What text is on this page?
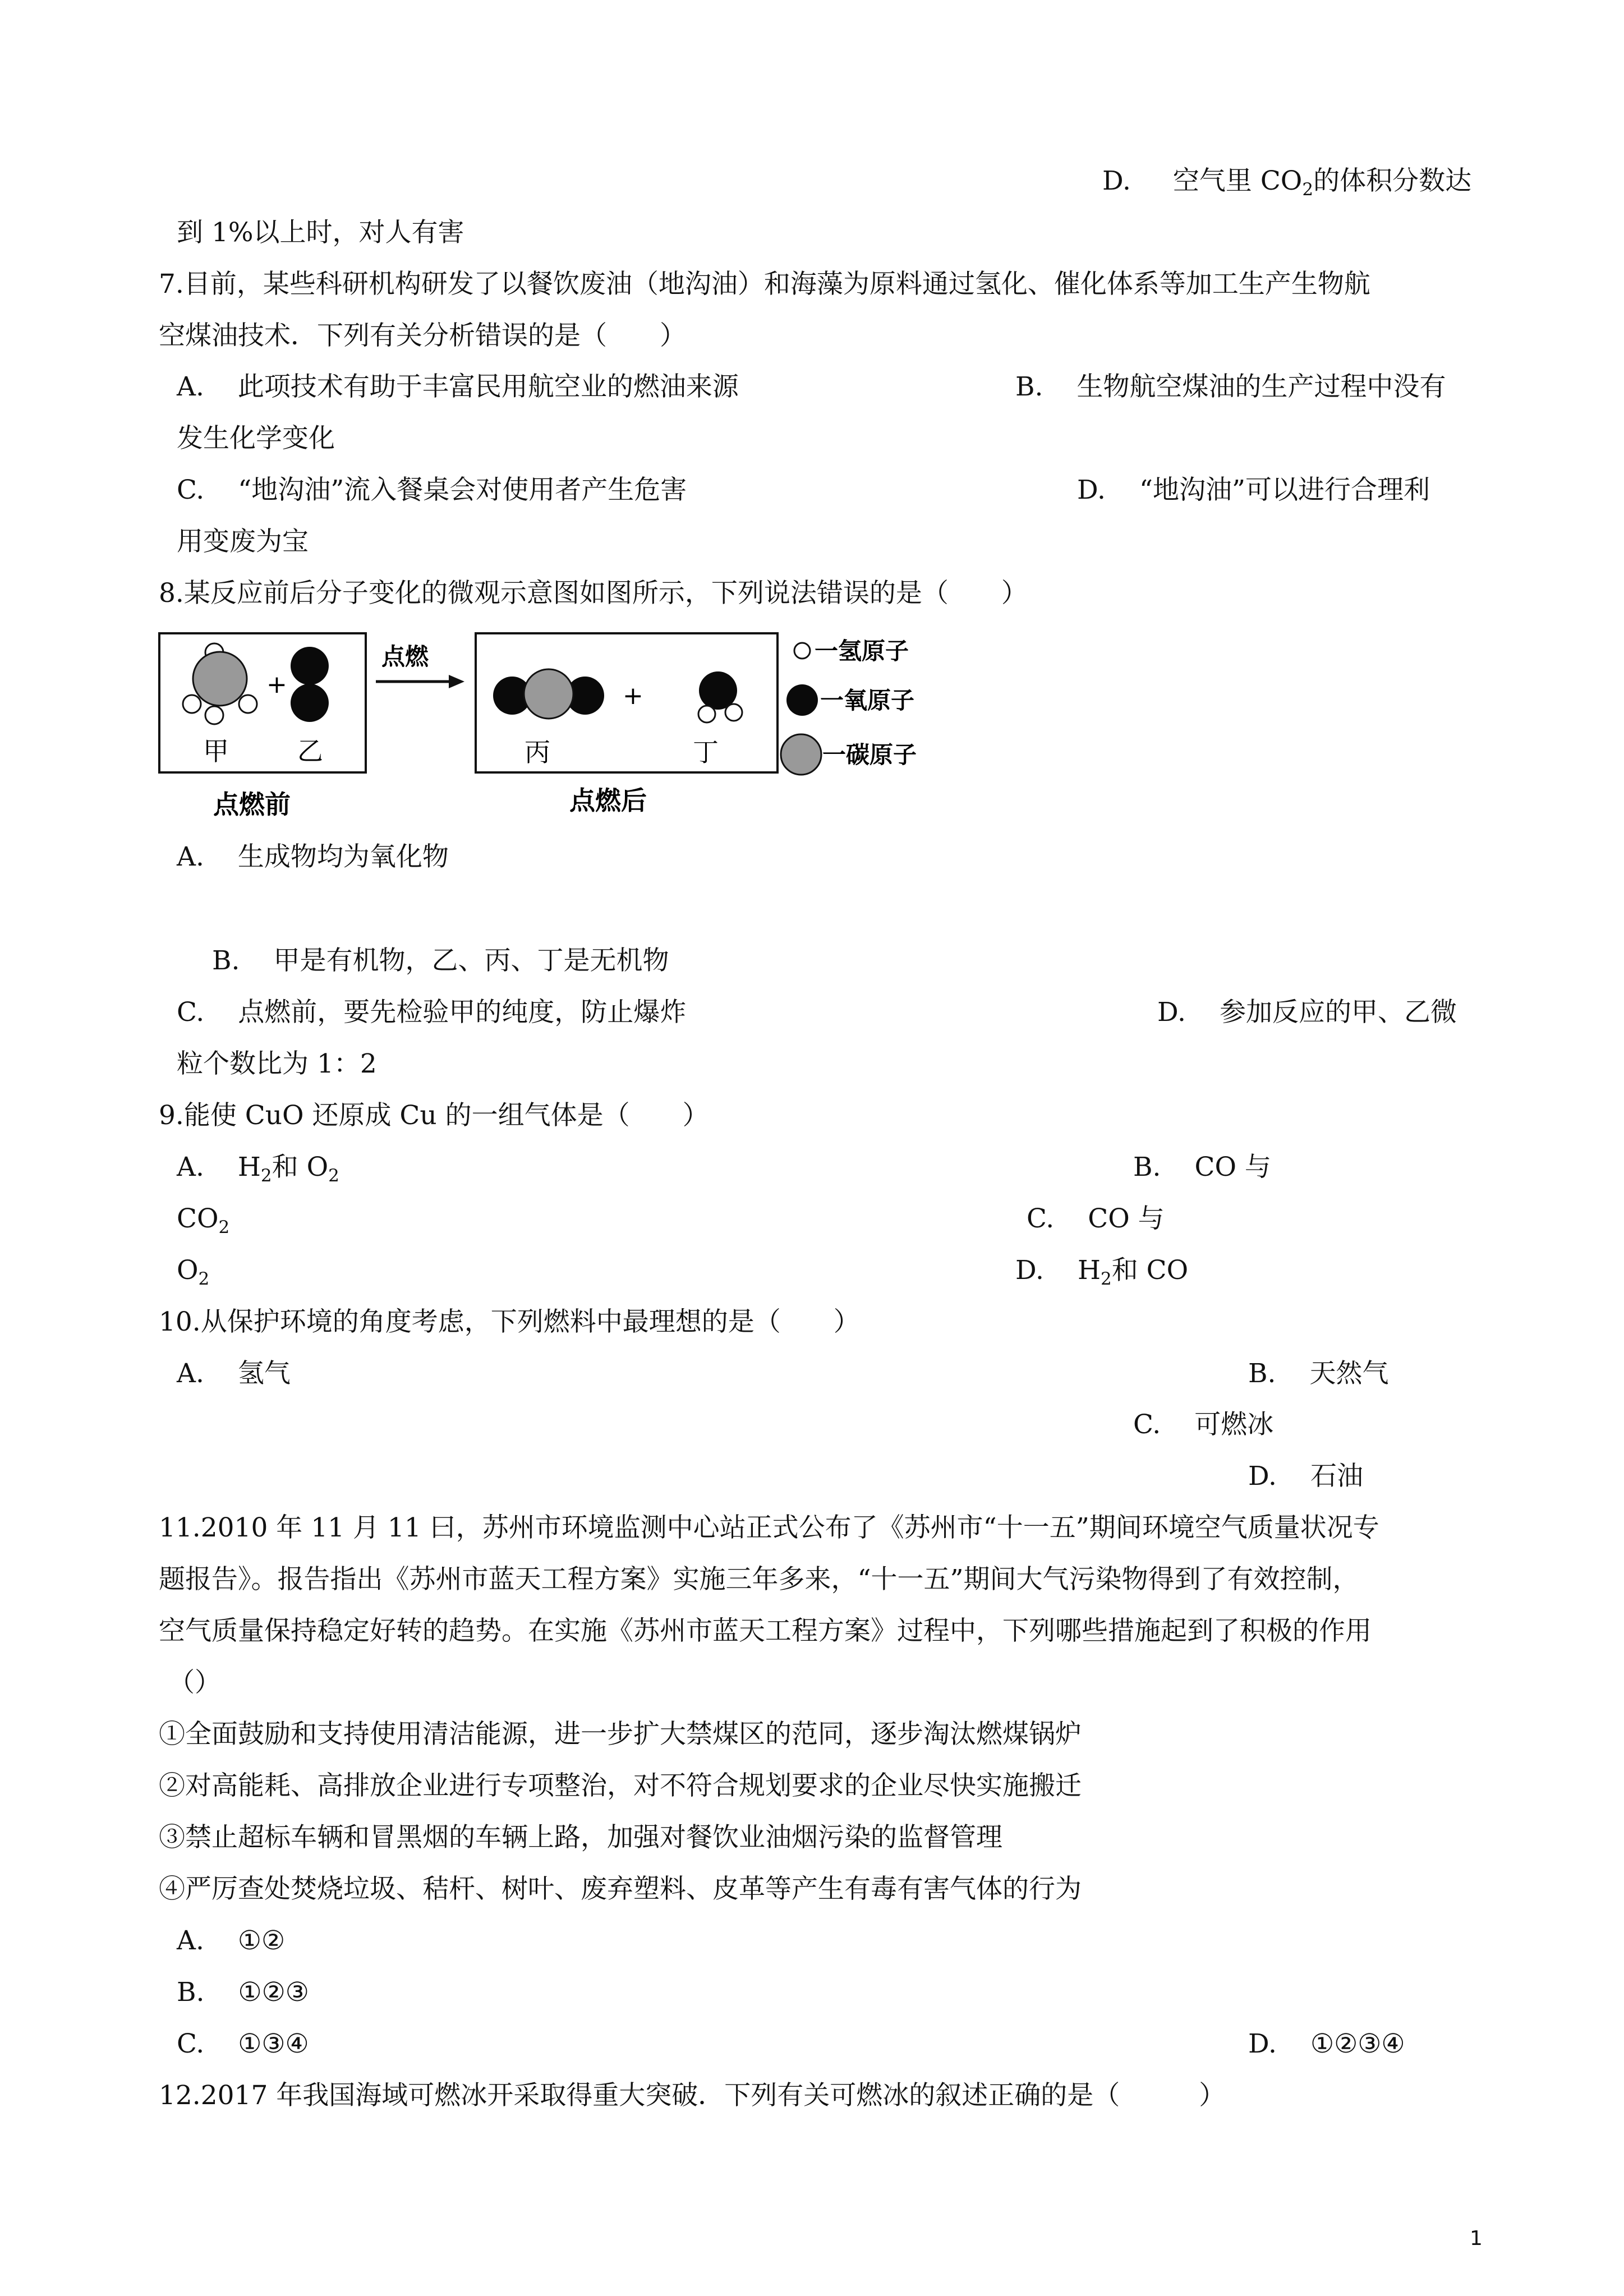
D. 空气里 $CO_2$的体积分数达
到 1%以上时，对人有害
7.目前，某些科研机构研发了以餐饮废油（地沟油）和海藻为原料通过氢化、催化体系等加工生产生物航
空煤油技术．下列有关分析错误的是（　　）
A. 此项技术有助于丰富民用航空业的燃油来源	B. 生物航空煤油的生产过程中没有
发生化学变化
C. “地沟油”流入餐桌会对使用者产生危害	D. “地沟油”可以进行合理利
用变废为宝
8.某反应前后分子变化的微观示意图如图所示，下列说法错误的是（　　）
+
甲	乙
点燃前
点燃
+
丙	丁
点燃后
一氢原子
一氧原子
一碳原子
A. 生成物均为氧化物
B. 甲是有机物，乙、丙、丁是无机物
C. 点燃前，要先检验甲的纯度，防止爆炸	D. 参加反应的甲、乙微
粒个数比为 1：2
9.能使 CuO 还原成 Cu 的一组气体是（　　）
A. $H_2$和 $O_2$	B. CO 与
$CO_2$	C. CO 与
$O_2$	D. $H_2$和 CO
10.从保护环境的角度考虑，下列燃料中最理想的是（　　）
A. 氢气	B. 天然气
C. 可燃冰
D. 石油
11.2010 年 11 月 11 曰，苏州市环境监测中心站正式公布了《苏州市“十一五”期间环境空气质量状况专
题报告》。报告指出《苏州市蓝天工程方案》实施三年多来，“十一五”期间大气污染物得到了有效控制，
空气质量保持稳定好转的趋势。在实施《苏州市蓝天工程方案》过程中，下列哪些措施起到了积极的作用
（）
①全面鼓励和支持使用清洁能源，进一步扩大禁煤区的范同，逐步淘汰燃煤锅炉
②对高能耗、高排放企业进行专项整治，对不符合规划要求的企业尽快实施搬迁
③禁止超标车辆和冒黑烟的车辆上路，加强对餐饮业油烟污染的监督管理
④严厉查处焚烧垃圾、秸杆、树叶、废弃塑料、皮革等产生有毒有害气体的行为
A. ①②
B. ①②③
C. ①③④	D. ①②③④
12.2017 年我国海域可燃冰开采取得重大突破．下列有关可燃冰的叙述正确的是（　　　）
1
